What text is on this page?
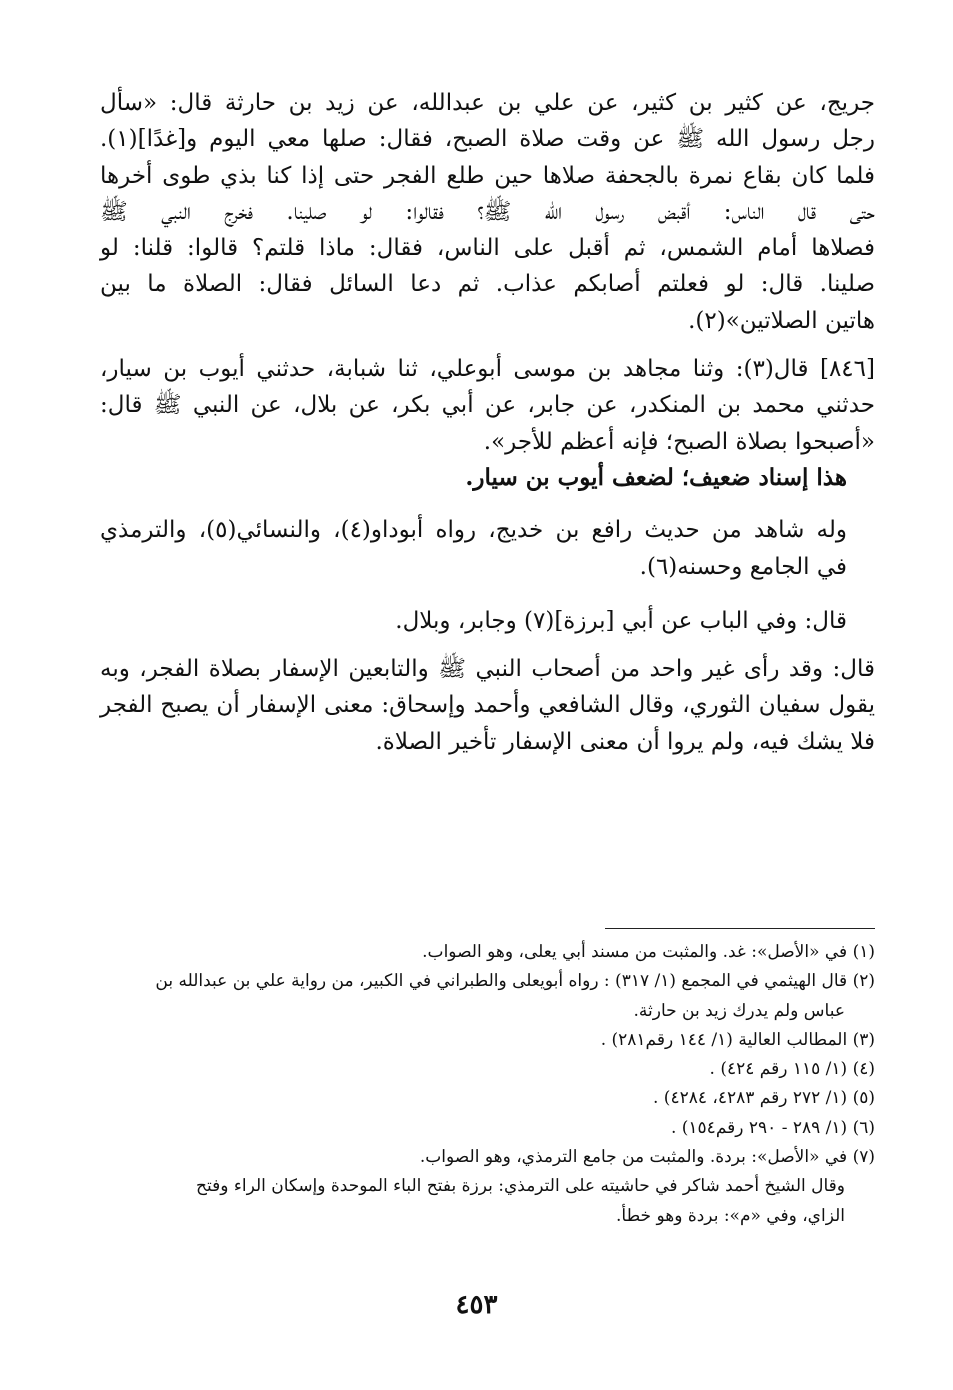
جريج، عن كثير بن كثير، عن علي بن عبدالله، عن زيد بن حارثة قال: «سأل
رجل رسول الله ﷺ عن وقت صلاة الصبح، فقال: صلها معي اليوم و[غدًا](١).
فلما كان بقاع نمرة بالجحفة صلاها حين طلع الفجر حتى إذا كنا بذي طوى أخرها
حتى قال الناس: أقبض رسول الله ﷺ؟ فقالوا: لو صلينا. فخرج النبي ﷺ
فصلاها أمام الشمس، ثم أقبل على الناس، فقال: ماذا قلتم؟ قالوا: قلنا: لو
صلينا. قال: لو فعلتم أصابكم عذاب. ثم دعا السائل فقال: الصلاة ما بين
هاتين الصلاتين»(٢).
[٨٤٦] قال(٣): وثنا مجاهد بن موسى أبوعلي، ثنا شبابة، حدثني أيوب بن سيار،
حدثني محمد بن المنكدر، عن جابر، عن أبي بكر، عن بلال، عن النبي ﷺ قال:
«أصبحوا بصلاة الصبح؛ فإنه أعظم للأجر».
هذا إسناد ضعيف؛ لضعف أيوب بن سيار.
وله شاهد من حديث رافع بن خديج، رواه أبوداو(٤)، والنسائي(٥)، والترمذي
في الجامع وحسنه(٦).
قال: وفي الباب عن أبي [برزة](٧) وجابر، وبلال.
قال: وقد رأى غير واحد من أصحاب النبي ﷺ والتابعين الإسفار بصلاة الفجر، وبه
يقول سفيان الثوري، وقال الشافعي وأحمد وإسحاق: معنى الإسفار أن يصبح الفجر
فلا يشك فيه، ولم يروا أن معنى الإسفار تأخير الصلاة.
(١) في «الأصل»: غد. والمثبت من مسند أبي يعلى، وهو الصواب.
(٢) قال الهيثمي في المجمع (١/ ٣١٧) : رواه أبويعلى والطبراني في الكبير، من رواية علي بن عبدالله بن
عباس ولم يدرك زيد بن حارثة.
(٣) المطالب العالية (١/ ١٤٤ رقم٢٨١) .
(٤) (١/ ١١٥ رقم ٤٢٤) .
(٥) (١/ ٢٧٢ رقم ٤٢٨٣، ٤٢٨٤) .
(٦) (١/ ٢٨٩ - ٢٩٠ رقم١٥٤) .
(٧) في «الأصل»: بردة. والمثبت من جامع الترمذي، وهو الصواب.
وقال الشيخ أحمد شاكر في حاشيته على الترمذي: برزة بفتح الباء الموحدة وإسكان الراء وفتح
الزاي، وفي «م»: بردة وهو خطأ.
٤٥٣
